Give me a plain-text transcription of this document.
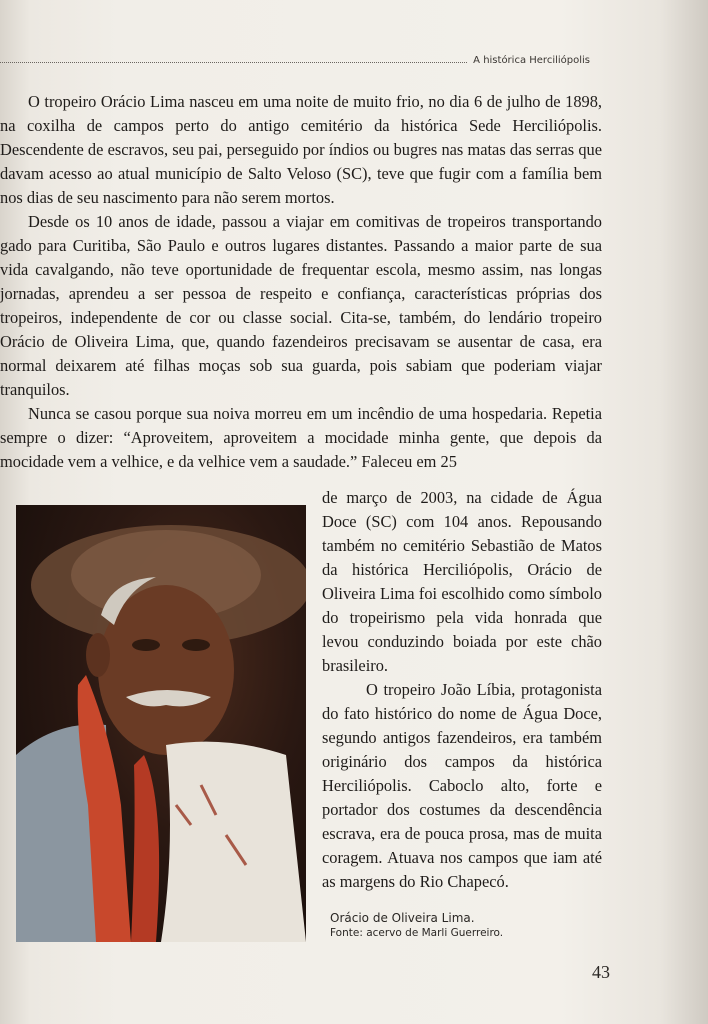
A histórica Herciliópolis

O tropeiro Orácio Lima nasceu em uma noite de muito frio, no dia 6 de julho de 1898, na coxilha de campos perto do antigo cemitério da histórica Sede Herciliópolis. Descendente de escravos, seu pai, perseguido por índios ou bugres nas matas das serras que davam acesso ao atual município de Salto Veloso (SC), teve que fugir com a família bem nos dias de seu nascimento para não serem mortos.

Desde os 10 anos de idade, passou a viajar em comitivas de tropeiros transportando gado para Curitiba, São Paulo e outros lugares distantes. Passando a maior parte de sua vida cavalgando, não teve oportunidade de frequentar escola, mesmo assim, nas longas jornadas, aprendeu a ser pessoa de respeito e confiança, características próprias dos tropeiros, independente de cor ou classe social. Cita-se, também, do lendário tropeiro Orácio de Oliveira Lima, que, quando fazendeiros precisavam se ausentar de casa, era normal deixarem até filhas moças sob sua guarda, pois sabiam que poderiam viajar tranquilos.

Nunca se casou porque sua noiva morreu em um incêndio de uma hospedaria. Repetia sempre o dizer: “Aproveitem, aproveitem a mocidade minha gente, que depois da mocidade vem a velhice, e da velhice vem a saudade.” Faleceu em 25

de março de 2003, na cidade de Água Doce (SC) com 104 anos. Repousando também no cemitério Sebastião de Matos da histórica Herciliópolis, Orácio de Oliveira Lima foi escolhido como símbolo do tropeirismo pela vida honrada que levou conduzindo boiada por este chão brasileiro.

O tropeiro João Líbia, protagonista do fato histórico do nome de Água Doce, segundo antigos fazendeiros, era também originário dos campos da histórica Herciliópolis. Caboclo alto, forte e portador dos costumes da descendência escrava, era de pouca prosa, mas de muita coragem. Atuava nos campos que iam até as margens do Rio Chapecó.

Orácio de Oliveira Lima.
Fonte: acervo de Marli Guerreiro.
43
